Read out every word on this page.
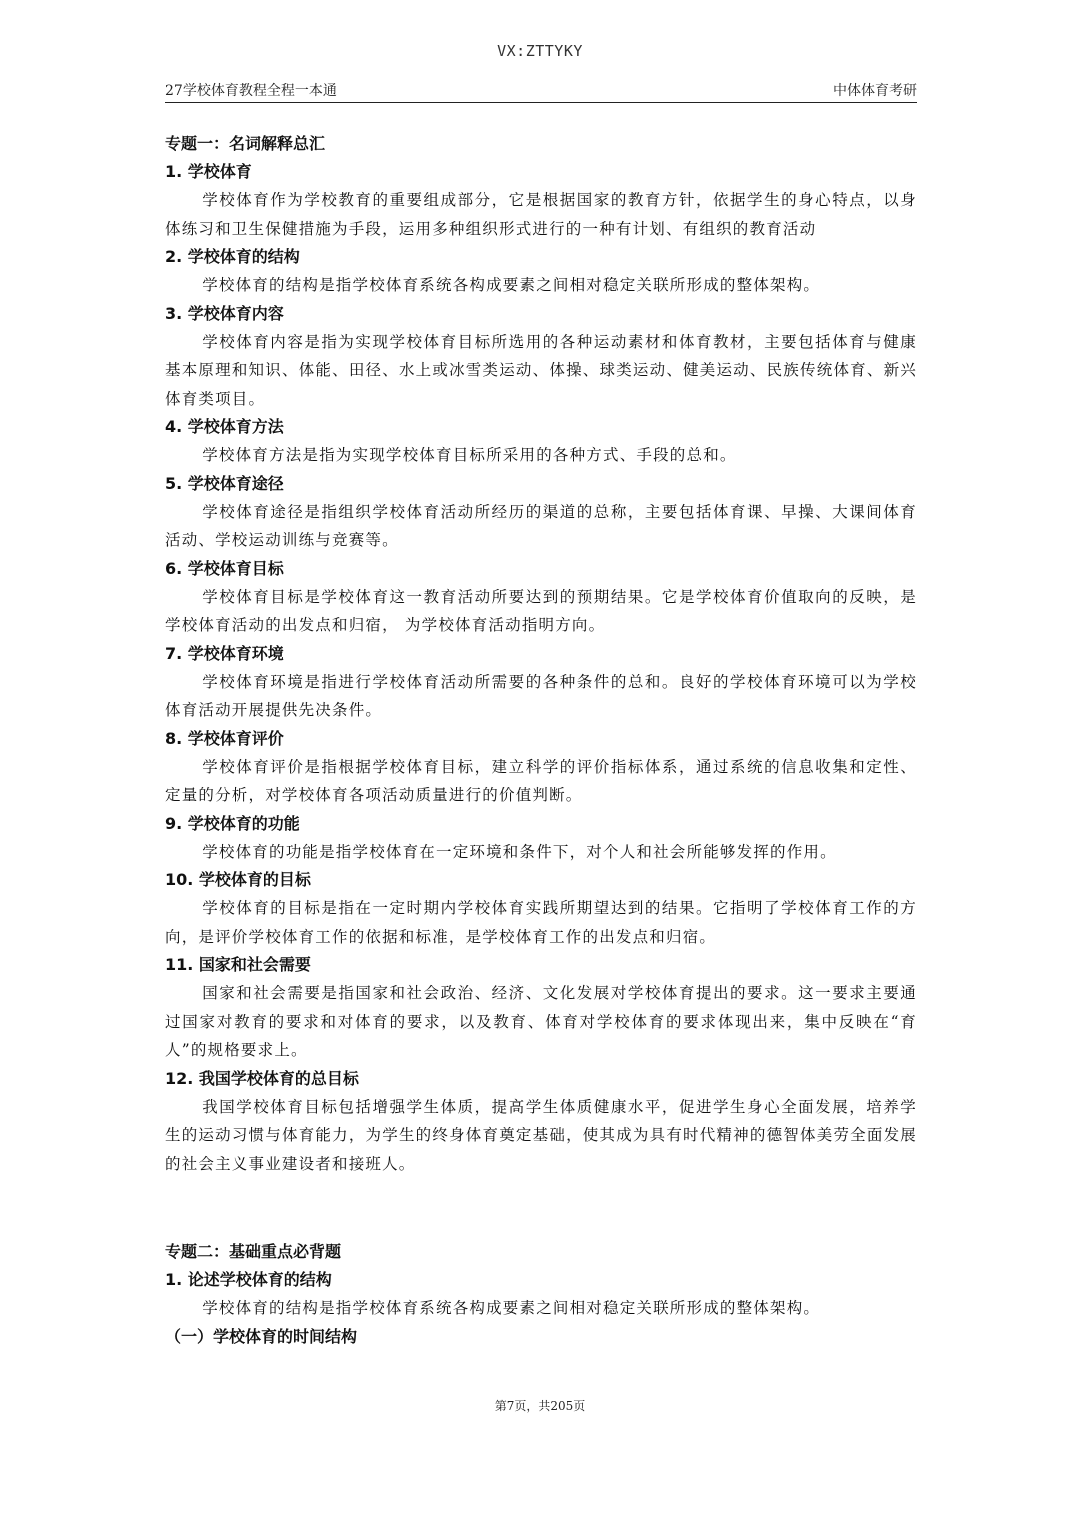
VX:ZTTYKY
27学校体育教程全程一本通	中体体育考研

专题一：名词解释总汇

1. 学校体育

学校体育作为学校教育的重要组成部分，它是根据国家的教育方针，依据学生的身心特点，以身体练习和卫生保健措施为手段，运用多种组织形式进行的一种有计划、有组织的教育活动

2. 学校体育的结构

学校体育的结构是指学校体育系统各构成要素之间相对稳定关联所形成的整体架构。

3. 学校体育内容

学校体育内容是指为实现学校体育目标所选用的各种运动素材和体育教材，主要包括体育与健康基本原理和知识、体能、田径、水上或冰雪类运动、体操、球类运动、健美运动、民族传统体育、新兴体育类项目。

4. 学校体育方法

学校体育方法是指为实现学校体育目标所采用的各种方式、手段的总和。

5. 学校体育途径

学校体育途径是指组织学校体育活动所经历的渠道的总称，主要包括体育课、早操、大课间体育活动、学校运动训练与竞赛等。

6. 学校体育目标

学校体育目标是学校体育这一教育活动所要达到的预期结果。它是学校体育价值取向的反映，是学校体育活动的出发点和归宿， 为学校体育活动指明方向。

7. 学校体育环境

学校体育环境是指进行学校体育活动所需要的各种条件的总和。良好的学校体育环境可以为学校体育活动开展提供先决条件。

8. 学校体育评价

学校体育评价是指根据学校体育目标，建立科学的评价指标体系，通过系统的信息收集和定性、定量的分析，对学校体育各项活动质量进行的价值判断。

9. 学校体育的功能

学校体育的功能是指学校体育在一定环境和条件下，对个人和社会所能够发挥的作用。

10. 学校体育的目标

学校体育的目标是指在一定时期内学校体育实践所期望达到的结果。它指明了学校体育工作的方向，是评价学校体育工作的依据和标准，是学校体育工作的出发点和归宿。

11. 国家和社会需要

国家和社会需要是指国家和社会政治、经济、文化发展对学校体育提出的要求。这一要求主要通过国家对教育的要求和对体育的要求，以及教育、体育对学校体育的要求体现出来，集中反映在“育人”的规格要求上。

12. 我国学校体育的总目标

我国学校体育目标包括增强学生体质，提高学生体质健康水平，促进学生身心全面发展，培养学生的运动习惯与体育能力，为学生的终身体育奠定基础，使其成为具有时代精神的德智体美劳全面发展的社会主义事业建设者和接班人。

专题二：基础重点必背题

1. 论述学校体育的结构

学校体育的结构是指学校体育系统各构成要素之间相对稳定关联所形成的整体架构。

（一）学校体育的时间结构

第7页，共205页
